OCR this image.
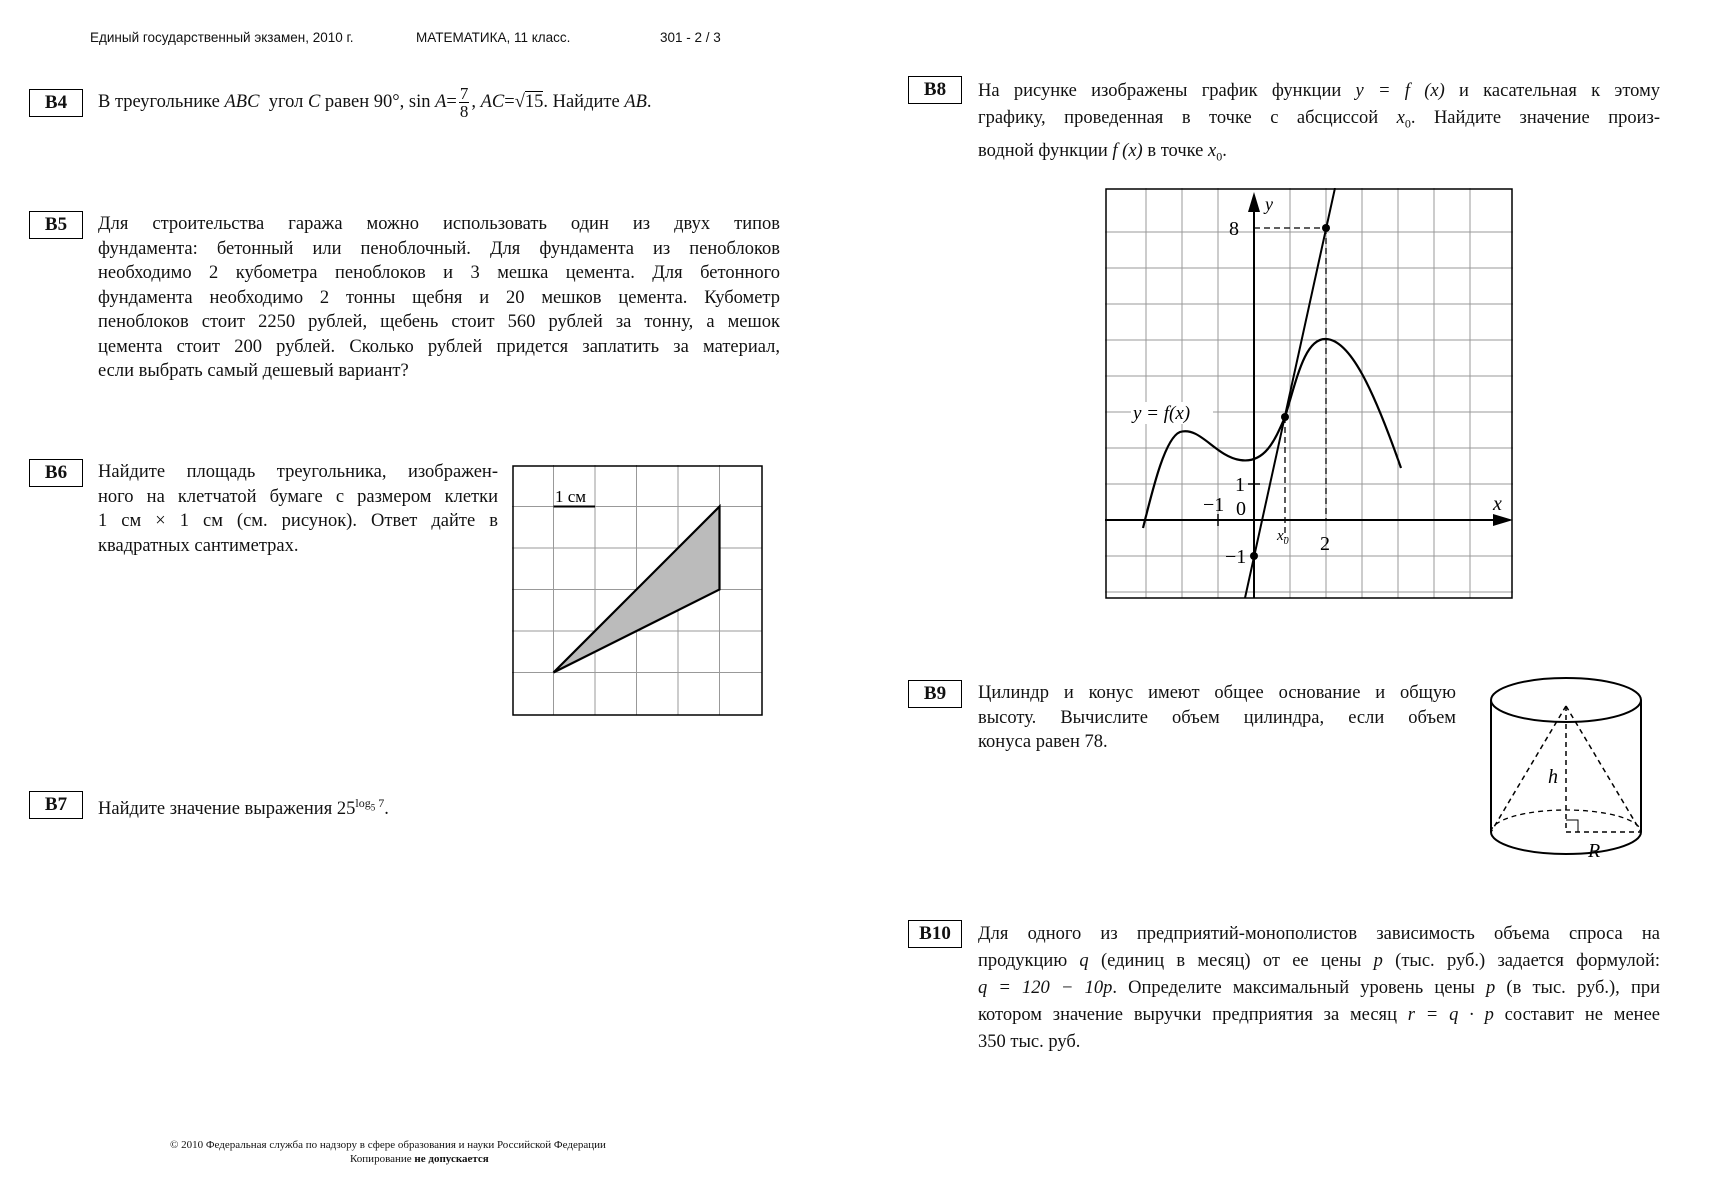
Единый государственный экзамен, 2010 г.	МАТЕМАТИКА, 11 класс.	301 - 2 / 3
B4	В треугольнике ABC угол C равен 90°, $\sin A= \frac{7}{8}$ , AC=√15. Найдите AB.
B5	Для строительства гаража можно использовать один из двух типов
фундамента: бетонный или пеноблочный. Для фундамента из пеноблоков
необходимо 2 кубометра пеноблоков и 3 мешка цемента. Для бетонного
фундамента необходимо 2 тонны щебня и 20 мешков цемента. Кубометр
пеноблоков стоит 2250 рублей, щебень стоит 560 рублей за тонну, а мешок
цемента стоит 200 рублей. Сколько рублей придется заплатить за материал,
если выбрать самый дешевый вариант?
B6	Найдите площадь треугольника, изображен-
ного на клетчатой бумаге с размером клетки
1 см × 1 см (см. рисунок). Ответ дайте в
квадратных сантиметрах.
1 см
B7	Найдите значение выражения $25^{log_5 7}$.
B8	На рисунке изображены график функции y = f (x) и касательная к этому
графику, проведенная в точке с абсциссой $x_0$. Найдите значение произ-
водной функции f (x) в точке $x_0$.
y
x
8
1
−1 0
−1
2
$x_0$
y = f(x)
B9	Цилиндр и конус имеют общее основание и общую
высоту. Вычислите объем цилиндра, если объем
конуса равен 78.
h
R
B10	Для одного из предприятий-монополистов зависимость объема спроса на
продукцию q (единиц в месяц) от ее цены p (тыс. руб.) задается формулой:
q = 120 − 10p. Определите максимальный уровень цены p (в тыс. руб.), при
котором значение выручки предприятия за месяц r = q · p составит не менее
350 тыс. руб.
© 2010 Федеральная служба по надзору в сфере образования и науки Российской Федерации
Копирование не допускается
